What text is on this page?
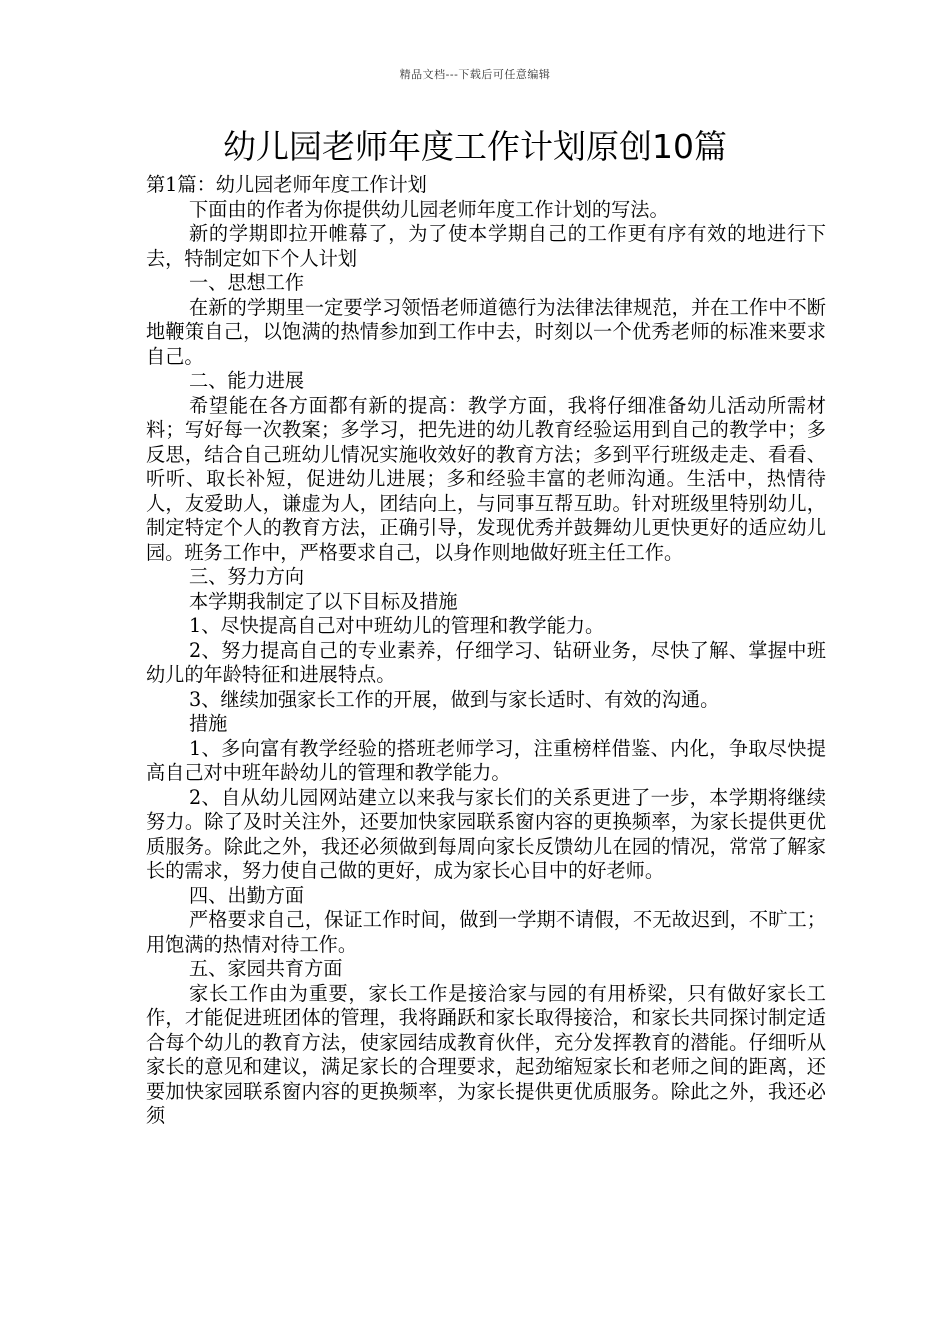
精品文档---下载后可任意编辑
幼儿园老师年度工作计划原创10篇

第1篇：幼儿园老师年度工作计划

下面由的作者为你提供幼儿园老师年度工作计划的写法。

新的学期即拉开帷幕了，为了使本学期自己的工作更有序有效的地进行下去，特制定如下个人计划

一、思想工作

在新的学期里一定要学习领悟老师道德行为法律法律规范，并在工作中不断地鞭策自己，以饱满的热情参加到工作中去，时刻以一个优秀老师的标准来要求自己。

二、能力进展

希望能在各方面都有新的提高：教学方面，我将仔细准备幼儿活动所需材料；写好每一次教案；多学习，把先进的幼儿教育经验运用到自己的教学中；多反思，结合自己班幼儿情况实施收效好的教育方法；多到平行班级走走、看看、听听、取长补短，促进幼儿进展；多和经验丰富的老师沟通。生活中，热情待人，友爱助人，谦虚为人，团结向上，与同事互帮互助。针对班级里特别幼儿，制定特定个人的教育方法，正确引导，发现优秀并鼓舞幼儿更快更好的适应幼儿园。班务工作中，严格要求自己，以身作则地做好班主任工作。

三、努力方向

本学期我制定了以下目标及措施

1、尽快提高自己对中班幼儿的管理和教学能力。

2、努力提高自己的专业素养，仔细学习、钻研业务，尽快了解、掌握中班幼儿的年龄特征和进展特点。

3、继续加强家长工作的开展，做到与家长适时、有效的沟通。

措施

1、多向富有教学经验的搭班老师学习，注重榜样借鉴、内化，争取尽快提高自己对中班年龄幼儿的管理和教学能力。

2、自从幼儿园网站建立以来我与家长们的关系更进了一步，本学期将继续努力。除了及时关注外，还要加快家园联系窗内容的更换频率，为家长提供更优质服务。除此之外，我还必须做到每周向家长反馈幼儿在园的情况，常常了解家长的需求，努力使自己做的更好，成为家长心目中的好老师。

四、出勤方面

严格要求自己，保证工作时间，做到一学期不请假，不无故迟到，不旷工；用饱满的热情对待工作。

五、家园共育方面

家长工作由为重要，家长工作是接洽家与园的有用桥梁，只有做好家长工作，才能促进班团体的管理，我将踊跃和家长取得接洽，和家长共同探讨制定适合每个幼儿的教育方法，使家园结成教育伙伴，充分发挥教育的潜能。仔细听从家长的意见和建议，满足家长的合理要求，起劲缩短家长和老师之间的距离，还要加快家园联系窗内容的更换频率，为家长提供更优质服务。除此之外，我还必须
